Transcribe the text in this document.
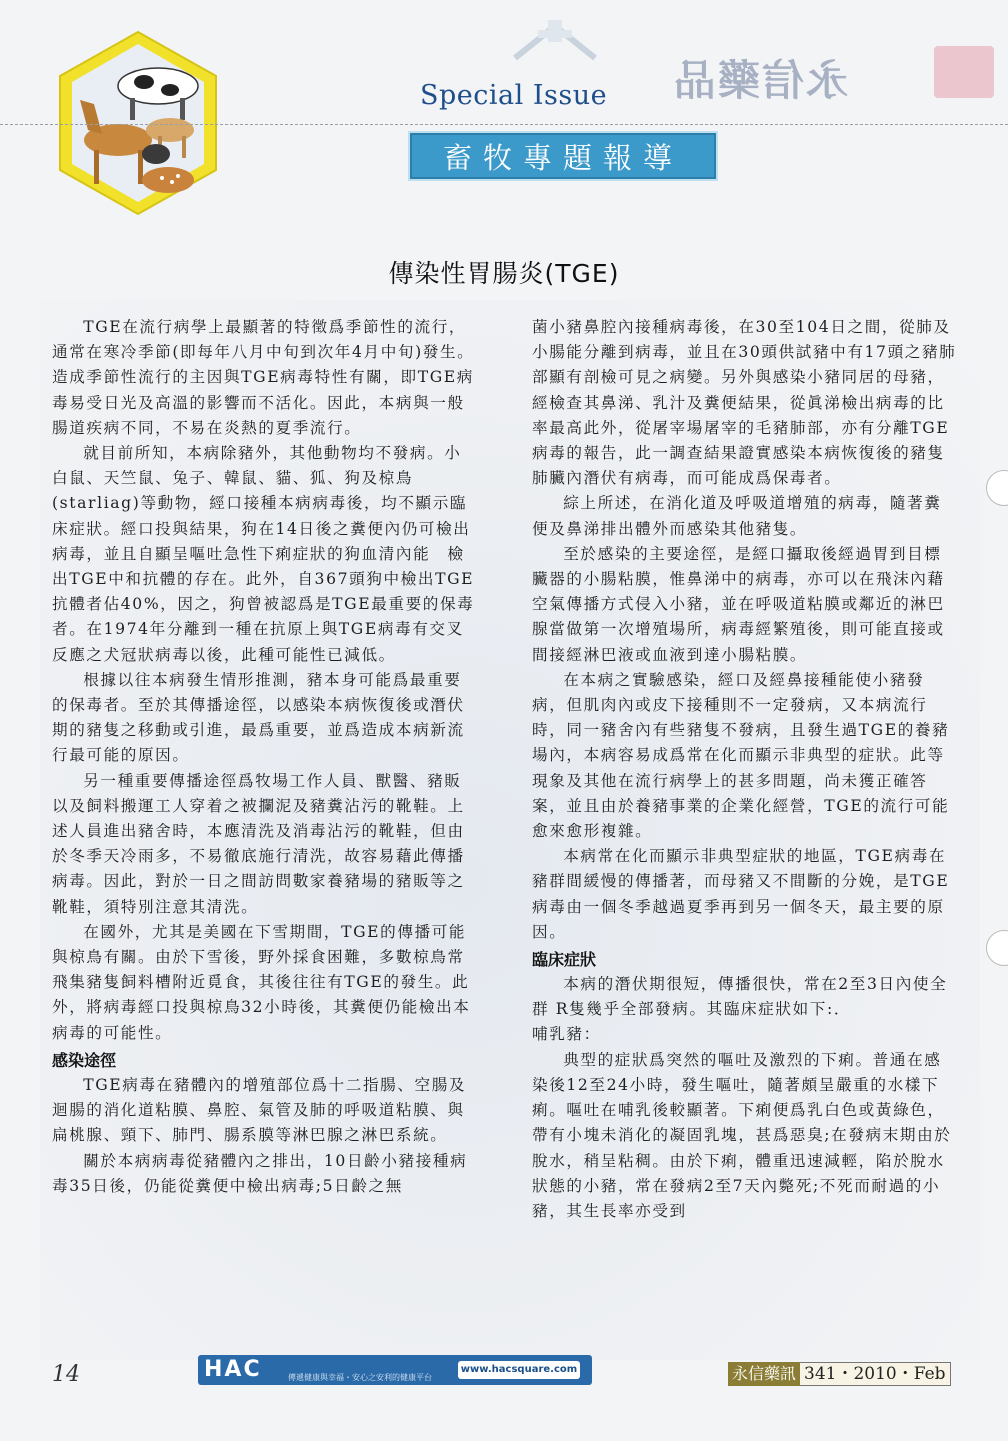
永信藥品
Special Issue
畜牧專題報導
傳染性胃腸炎(TGE)

TGE在流行病學上最顯著的特徵爲季節性的流行，通常在寒冷季節(即每年八月中旬到次年4月中旬)發生。造成季節性流行的主因與TGE病毒特性有關，即TGE病毒易受日光及高溫的影響而不活化。因此，本病與一般腸道疾病不同，不易在炎熱的夏季流行。

就目前所知，本病除豬外，其他動物均不發病。小白鼠、天竺鼠、兔子、韓鼠、貓、狐、狗及椋鳥(starliag)等動物，經口接種本病病毒後，均不顯示臨床症狀。經口投與結果，狗在14日後之糞便內仍可檢出病毒，並且自顯呈嘔吐急性下痢症狀的狗血清內能　檢出TGE中和抗體的存在。此外，自367頭狗中檢出TGE抗體者佔40%，因之，狗曾被認爲是TGE最重要的保毒者。在1974年分離到一種在抗原上與TGE病毒有交叉反應之犬冠狀病毒以後，此種可能性已減低。

根據以往本病發生情形推測，豬本身可能爲最重要的保毒者。至於其傳播途徑，以感染本病恢復後或潛伏期的豬隻之移動或引進，最爲重要，並爲造成本病新流行最可能的原因。

另一種重要傳播途徑爲牧場工作人員、獸醫、豬販以及飼料搬運工人穿着之被攔泥及豬糞沾污的靴鞋。上述人員進出豬舍時，本應清洗及消毒沾污的靴鞋，但由於冬季天冷雨多，不易徹底施行清洗，故容易藉此傳播病毒。因此，對於一日之間訪問數家養豬場的豬販等之靴鞋，須特別注意其清洗。

在國外，尤其是美國在下雪期間，TGE的傳播可能與椋鳥有關。由於下雪後，野外採食困難，多數椋鳥常飛集豬隻飼料槽附近覓食，其後往往有TGE的發生。此外，將病毒經口投與椋鳥32小時後，其糞便仍能檢出本病毒的可能性。

感染途徑

TGE病毒在豬體內的增殖部位爲十二指腸、空腸及迴腸的消化道粘膜、鼻腔、氣管及肺的呼吸道粘膜、與扁桃腺、頸下、肺門、腸系膜等淋巴腺之淋巴系統。

關於本病病毒從豬體內之排出，10日齡小豬接種病毒35日後，仍能從糞便中檢出病毒;5日齡之無

菌小豬鼻腔內接種病毒後，在30至104日之間，從肺及小腸能分離到病毒，並且在30頭供試豬中有17頭之豬肺部顯有剖檢可見之病變。另外與感染小豬同居的母豬，經檢查其鼻涕、乳汁及糞便結果，從眞涕檢出病毒的比率最高此外，從屠宰場屠宰的毛豬肺部，亦有分離TGE病毒的報告，此一調查結果證實感染本病恢復後的豬隻肺臟內潛伏有病毒，而可能成爲保毒者。

綜上所述，在消化道及呼吸道增殖的病毒，隨著糞便及鼻涕排出體外而感染其他豬隻。

至於感染的主要途徑，是經口攝取後經過胃到目標臟器的小腸粘膜，惟鼻涕中的病毒，亦可以在飛沫內藉空氣傳播方式侵入小豬，並在呼吸道粘膜或鄰近的淋巴腺當做第一次增殖場所，病毒經繁殖後，則可能直接或間接經淋巴液或血液到達小腸粘膜。

在本病之實驗感染，經口及經鼻接種能使小豬發病，但肌肉內或皮下接種則不一定發病，又本病流行時，同一豬舍內有些豬隻不發病，且發生過TGE的養豬場內，本病容易成爲常在化而顯示非典型的症狀。此等現象及其他在流行病學上的甚多問題，尚未獲正確答案，並且由於養豬事業的企業化經營，TGE的流行可能愈來愈形複雜。

本病常在化而顯示非典型症狀的地區，TGE病毒在豬群間緩慢的傳播著，而母豬又不間斷的分娩，是TGE病毒由一個冬季越過夏季再到另一個冬天，最主要的原因。

臨床症狀

本病的潛伏期很短，傳播很快，常在2至3日內使全群 R隻幾乎全部發病。其臨床症狀如下:．

哺乳豬：

典型的症狀爲突然的嘔吐及激烈的下痢。普通在感染後12至24小時，發生嘔吐，隨著頗呈嚴重的水樣下痢。嘔吐在哺乳後較顯著。下痢便爲乳白色或黃綠色，帶有小塊未消化的凝固乳塊，甚爲惡臭;在發病末期由於脫水，稍呈粘稠。由於下痢，體重迅速減輕，陷於脫水狀態的小豬，常在發病2至7天內斃死;不死而耐過的小豬，其生長率亦受到

14	HAC	傳遞健康與幸福・安心之安利的健康平台
www.hacsquare.com	永信藥訊 341・2010・Feb
